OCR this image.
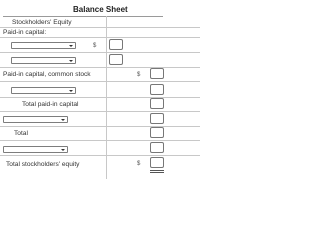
Balance Sheet
Stockholders' Equity
Paid-in capital:
$
Paid-in capital, common stock	$
Total paid-in capital
Total
Total stockholders' equity	$
